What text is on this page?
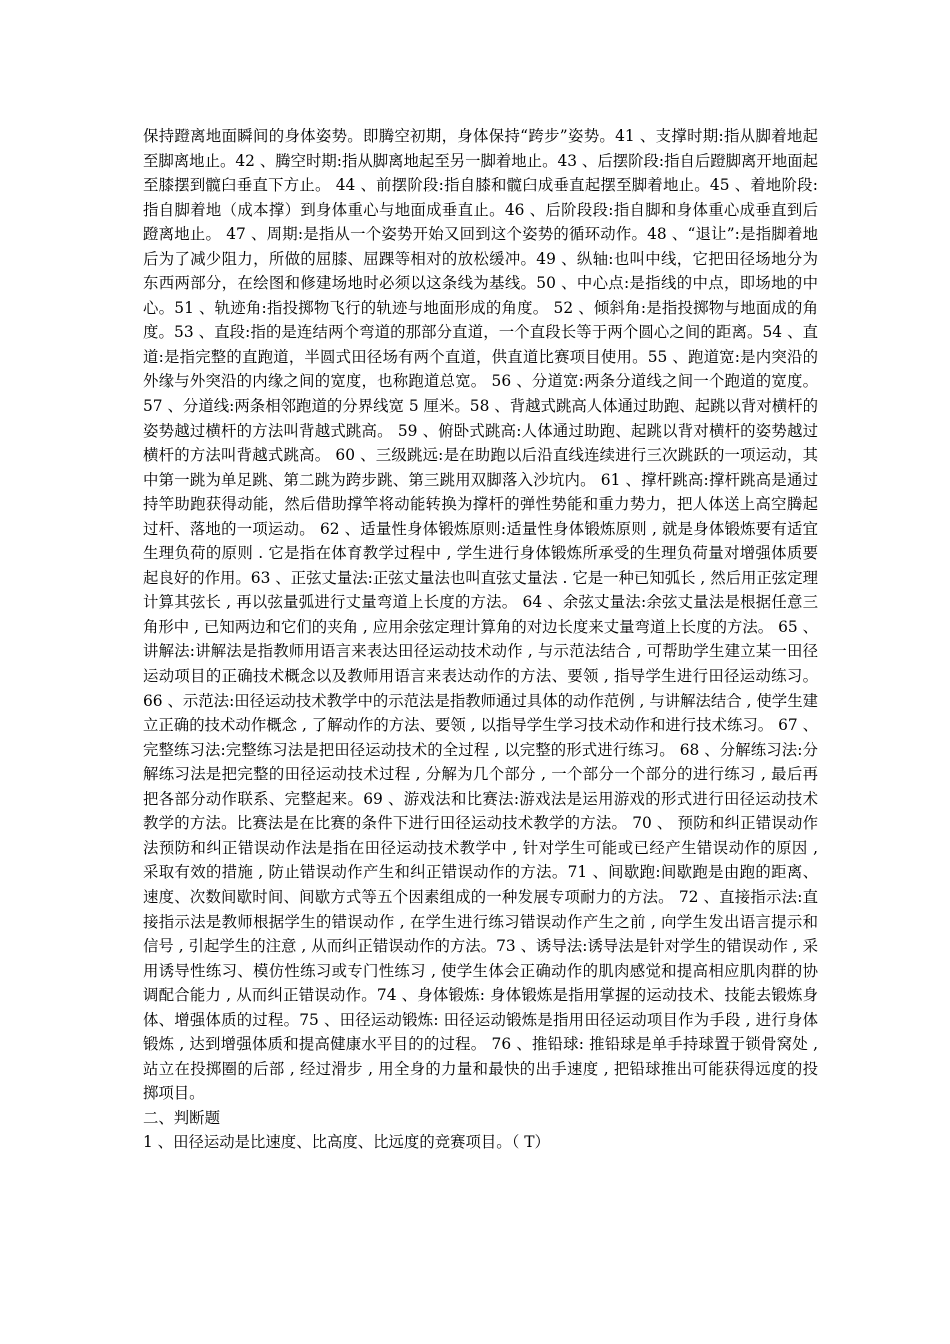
保持蹬离地面瞬间的身体姿势。即腾空初期，身体保持“跨步”姿势。41 、支撑时期:指从脚着地起至脚离地止。42 、腾空时期:指从脚离地起至另一脚着地止。43 、后摆阶段:指自后蹬脚离开地面起至膝摆到髋臼垂直下方止。 44 、前摆阶段:指自膝和髋臼成垂直起摆至脚着地止。45 、着地阶段:指自脚着地（成本撑）到身体重心与地面成垂直止。46 、后阶段段:指自脚和身体重心成垂直到后蹬离地止。 47 、周期:是指从一个姿势开始又回到这个姿势的循环动作。48 、“退让”:是指脚着地后为了减少阻力，所做的屈膝、屈踝等相对的放松缓冲。49 、纵轴:也叫中线，它把田径场地分为东西两部分，在绘图和修建场地时必须以这条线为基线。50 、中心点:是指线的中点，即场地的中心。51 、轨迹角:指投掷物飞行的轨迹与地面形成的角度。 52 、倾斜角:是指投掷物与地面成的角度。53 、直段:指的是连结两个弯道的那部分直道，一个直段长等于两个圆心之间的距离。54 、直道:是指完整的直跑道，半圆式田径场有两个直道，供直道比赛项目使用。55 、跑道宽:是内突沿的外缘与外突沿的内缘之间的宽度，也称跑道总宽。 56 、分道宽:两条分道线之间一个跑道的宽度。 57 、分道线:两条相邻跑道的分界线宽 5 厘米。58 、背越式跳高人体通过助跑、起跳以背对横杆的姿势越过横杆的方法叫背越式跳高。 59 、俯卧式跳高:人体通过助跑、起跳以背对横杆的姿势越过横杆的方法叫背越式跳高。 60 、三级跳远:是在助跑以后沿直线连续进行三次跳跃的一项运动，其中第一跳为单足跳、第二跳为跨步跳、第三跳用双脚落入沙坑内。 61 、撑杆跳高:撑杆跳高是通过持竿助跑获得动能，然后借助撑竿将动能转换为撑杆的弹性势能和重力势力，把人体送上高空腾起过杆、落地的一项运动。 62 、适量性身体锻炼原则:适量性身体锻炼原则 , 就是身体锻炼要有适宜生理负荷的原则 . 它是指在体育教学过程中 , 学生进行身体锻炼所承受的生理负荷量对增强体质要起良好的作用。63 、正弦丈量法:正弦丈量法也叫直弦丈量法 . 它是一种已知弧长 , 然后用正弦定理计算其弦长 , 再以弦量弧进行丈量弯道上长度的方法。 64 、余弦丈量法:余弦丈量法是根据任意三角形中 , 已知两边和它们的夹角 , 应用余弦定理计算角的对边长度来丈量弯道上长度的方法。 65 、讲解法:讲解法是指教师用语言来表达田径运动技术动作 , 与示范法结合 , 可帮助学生建立某一田径运动项目的正确技术概念以及教师用语言来表达动作的方法、要领 , 指导学生进行田径运动练习。 66 、示范法:田径运动技术教学中的示范法是指教师通过具体的动作范例 , 与讲解法结合 , 使学生建立正确的技术动作概念 , 了解动作的方法、要领 , 以指导学生学习技术动作和进行技术练习。 67 、完整练习法:完整练习法是把田径运动技术的全过程 , 以完整的形式进行练习。 68 、分解练习法:分解练习法是把完整的田径运动技术过程 , 分解为几个部分 , 一个部分一个部分的进行练习 , 最后再把各部分动作联系、完整起来。69 、游戏法和比赛法:游戏法是运用游戏的形式进行田径运动技术教学的方法。比赛法是在比赛的条件下进行田径运动技术教学的方法。 70 、 预防和纠正错误动作法预防和纠正错误动作法是指在田径运动技术教学中 , 针对学生可能或已经产生错误动作的原因 , 采取有效的措施 , 防止错误动作产生和纠正错误动作的方法。71 、间歇跑:间歇跑是由跑的距离、速度、次数间歇时间、间歇方式等五个因素组成的一种发展专项耐力的方法。 72 、直接指示法:直接指示法是教师根据学生的错误动作 , 在学生进行练习错误动作产生之前 , 向学生发出语言提示和信号 , 引起学生的注意 , 从而纠正错误动作的方法。73 、诱导法:诱导法是针对学生的错误动作 , 采用诱导性练习、模仿性练习或专门性练习 , 使学生体会正确动作的肌肉感觉和提高相应肌肉群的协调配合能力 , 从而纠正错误动作。74 、身体锻炼: 身体锻炼是指用掌握的运动技术、技能去锻炼身体、增强体质的过程。75 、田径运动锻炼: 田径运动锻炼是指用田径运动项目作为手段 , 进行身体锻炼 , 达到增强体质和提高健康水平目的的过程。 76 、推铅球: 推铅球是单手持球置于锁骨窝处 , 站立在投掷圈的后部 , 经过滑步 , 用全身的力量和最快的出手速度 , 把铅球推出可能获得远度的投掷项目。

二、判断题

1 、田径运动是比速度、比高度、比远度的竞赛项目。（ T）
